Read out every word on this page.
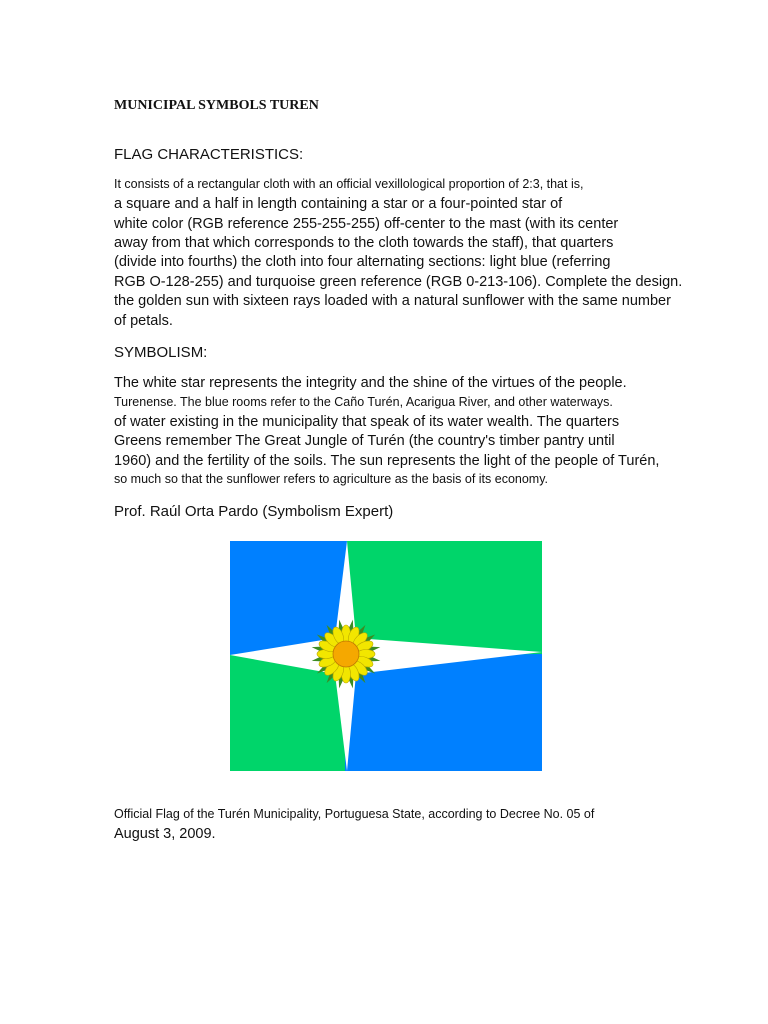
MUNICIPAL SYMBOLS TUREN
FLAG CHARACTERISTICS:
It consists of a rectangular cloth with an official vexillological proportion of 2:3, that is,
a square and a half in length containing a star or a four-pointed star of
white color (RGB reference 255-255-255) off-center to the mast (with its center
away from that which corresponds to the cloth towards the staff), that quarters
(divide into fourths) the cloth into four alternating sections: light blue (referring
RGB O-128-255) and turquoise green reference (RGB 0-213-106). Complete the design.
the golden sun with sixteen rays loaded with a natural sunflower with the same number
of petals.
SYMBOLISM:
The white star represents the integrity and the shine of the virtues of the people.
Turenense. The blue rooms refer to the Caño Turén, Acarigua River, and other waterways.
of water existing in the municipality that speak of its water wealth. The quarters
Greens remember The Great Jungle of Turén (the country's timber pantry until
1960) and the fertility of the soils. The sun represents the light of the people of Turén,
so much so that the sunflower refers to agriculture as the basis of its economy.
Prof. Raúl Orta Pardo (Symbolism Expert)
Official Flag of the Turén Municipality, Portuguesa State, according to Decree No. 05 of
August 3, 2009.
